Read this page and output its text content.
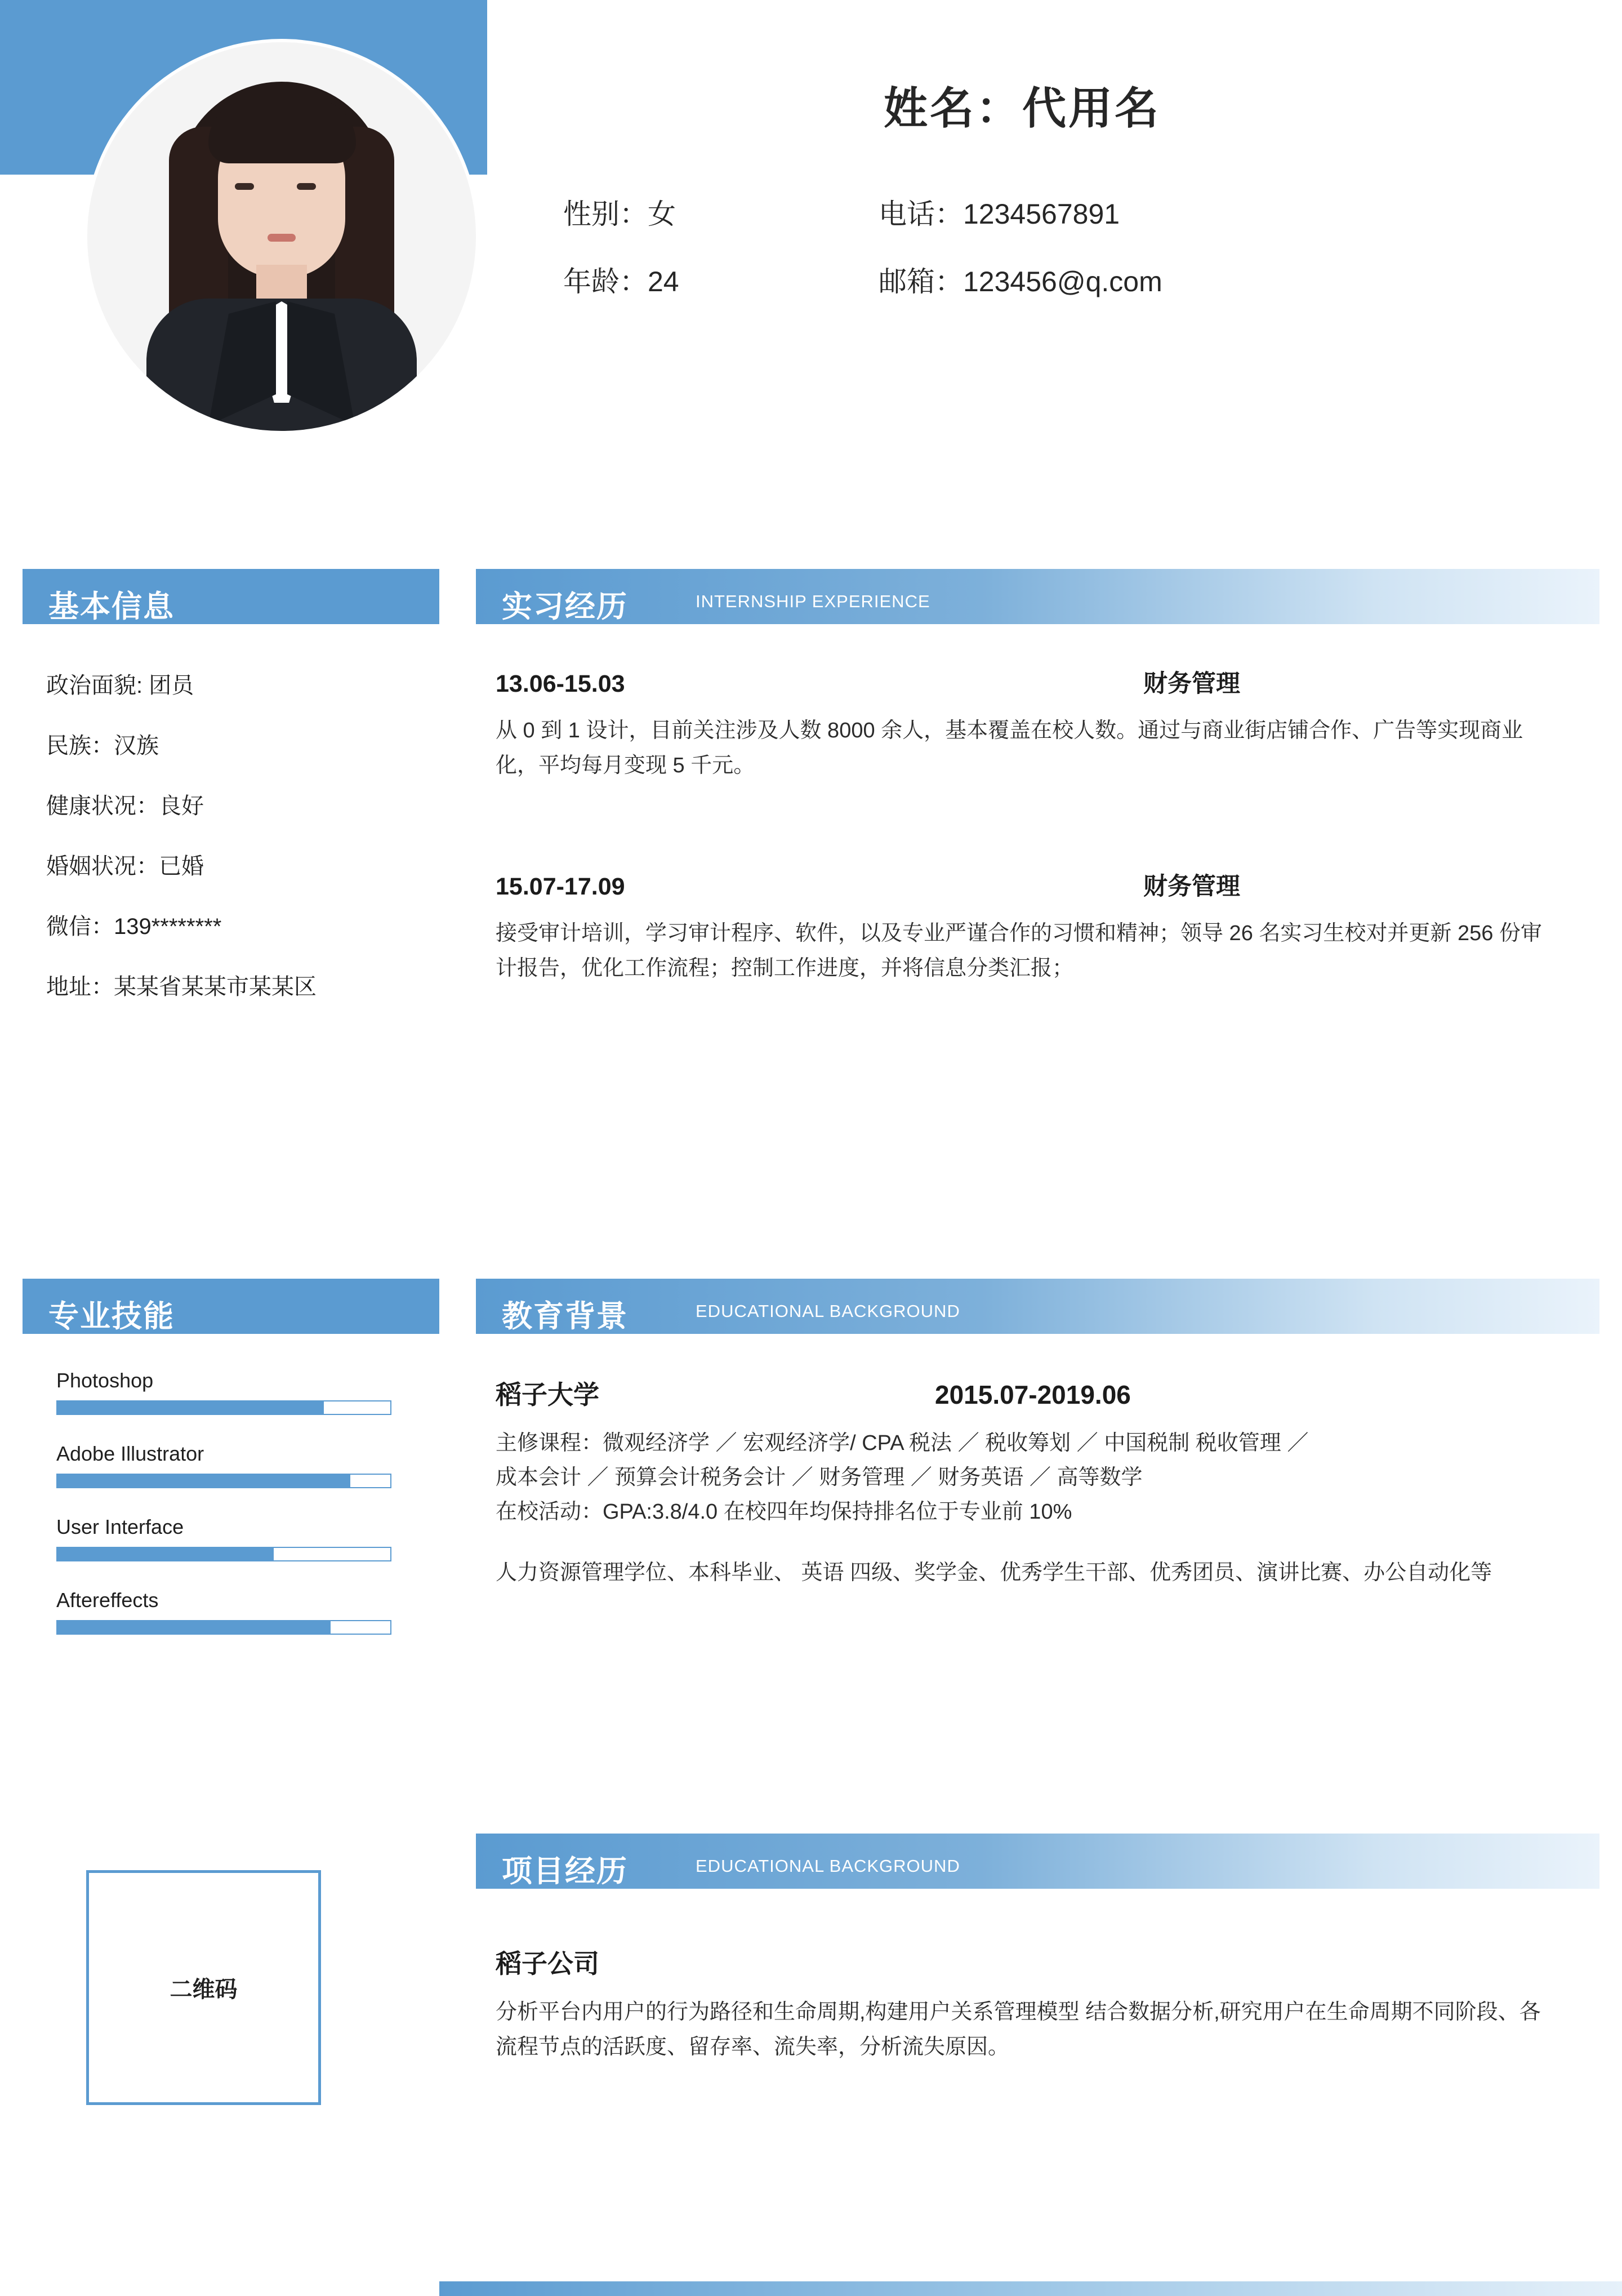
姓名：代用名
性别：女	电话：1234567891
年龄：24	邮箱：123456@q.com
基本信息	实习经历	INTERNSHIP EXPERIENCE
政治面貌: 团员
民族：汉族
健康状况：良好
婚姻状况：已婚
微信：139********
地址：某某省某某市某某区
13.06-15.03	财务管理
从 0 到 1 设计，目前关注涉及人数 8000 余人，基本覆盖在校人数。通过与商业街店铺合作、广告等实现商业化，平均每月变现 5 千元。
15.07-17.09	财务管理
接受审计培训，学习审计程序、软件，以及专业严谨合作的习惯和精神；领导 26 名实习生校对并更新 256 份审计报告，优化工作流程；控制工作进度，并将信息分类汇报；
专业技能	教育背景	EDUCATIONAL BACKGROUND
Photoshop
Adobe Illustrator
User Interface
Aftereffects
二维码
稻子大学	2015.07-2019.06
主修课程：微观经济学 ／ 宏观经济学/ CPA 税法 ／ 税收筹划 ／ 中国税制 税收管理 ／
成本会计 ／ 预算会计税务会计 ／ 财务管理 ／ 财务英语 ／ 高等数学
在校活动：GPA:3.8/4.0 在校四年均保持排名位于专业前 10%
人力资源管理学位、本科毕业、 英语 四级、奖学金、优秀学生干部、优秀团员、演讲比赛、办公自动化等
项目经历	EDUCATIONAL BACKGROUND
稻子公司
分析平台内用户的行为路径和生命周期,构建用户关系管理模型 结合数据分析,研究用户在生命周期不同阶段、各流程节点的活跃度、留存率、流失率，分析流失原因。
